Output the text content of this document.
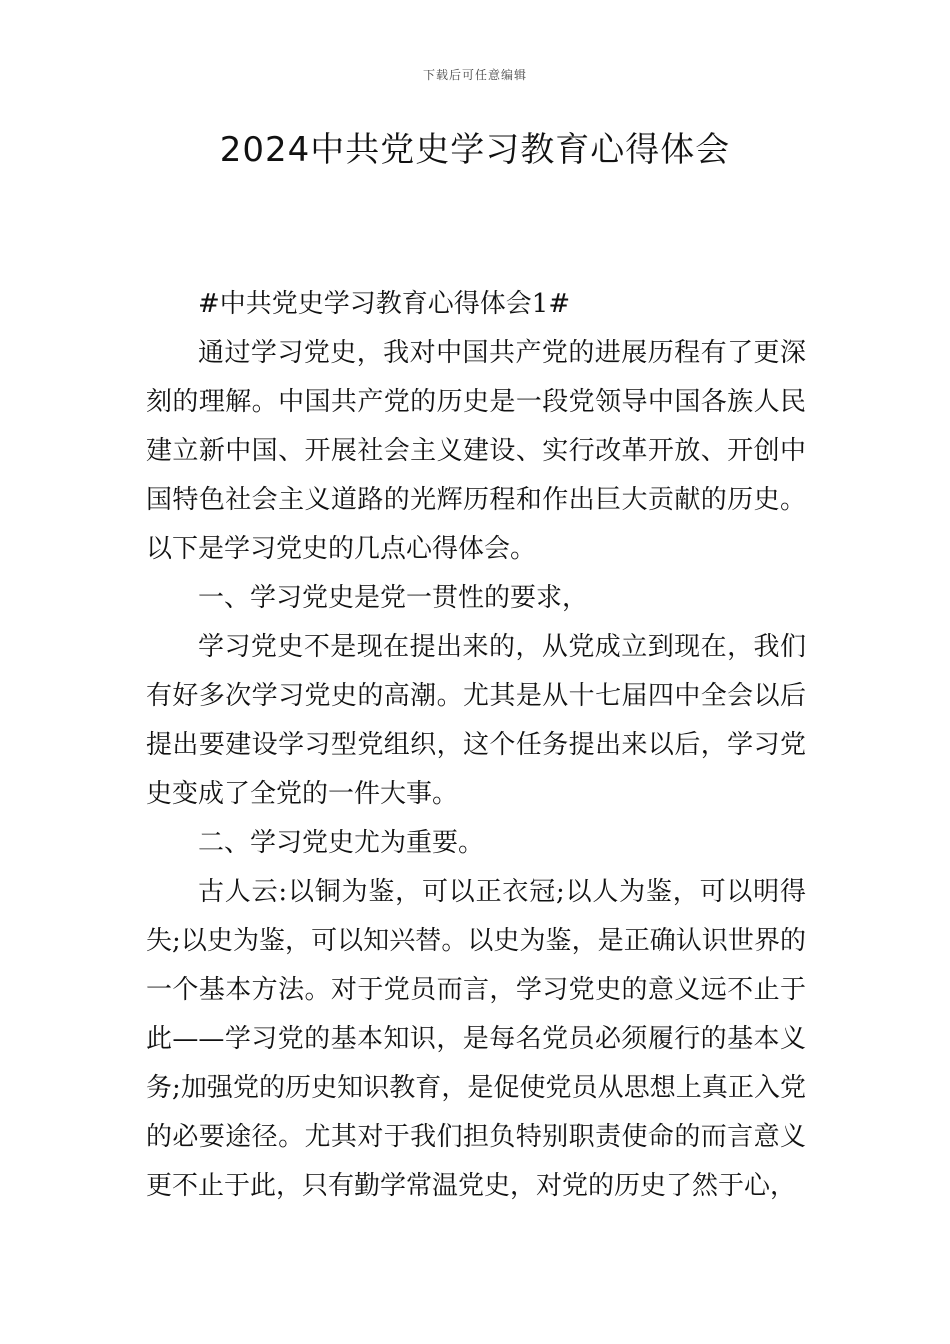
下载后可任意编辑
2024中共党史学习教育心得体会

#中共党史学习教育心得体会1#

通过学习党史，我对中国共产党的进展历程有了更深刻的理解。中国共产党的历史是一段党领导中国各族人民建立新中国、开展社会主义建设、实行改革开放、开创中国特色社会主义道路的光辉历程和作出巨大贡献的历史。以下是学习党史的几点心得体会。

一、学习党史是党一贯性的要求，

学习党史不是现在提出来的，从党成立到现在，我们有好多次学习党史的高潮。尤其是从十七届四中全会以后提出要建设学习型党组织，这个任务提出来以后，学习党史变成了全党的一件大事。

二、学习党史尤为重要。

古人云:以铜为鉴，可以正衣冠;以人为鉴，可以明得失;以史为鉴，可以知兴替。以史为鉴，是正确认识世界的一个基本方法。对于党员而言，学习党史的意义远不止于此——学习党的基本知识，是每名党员必须履行的基本义务;加强党的历史知识教育，是促使党员从思想上真正入党的必要途径。尤其对于我们担负特别职责使命的而言意义更不止于此，只有勤学常温党史，对党的历史了然于心，
